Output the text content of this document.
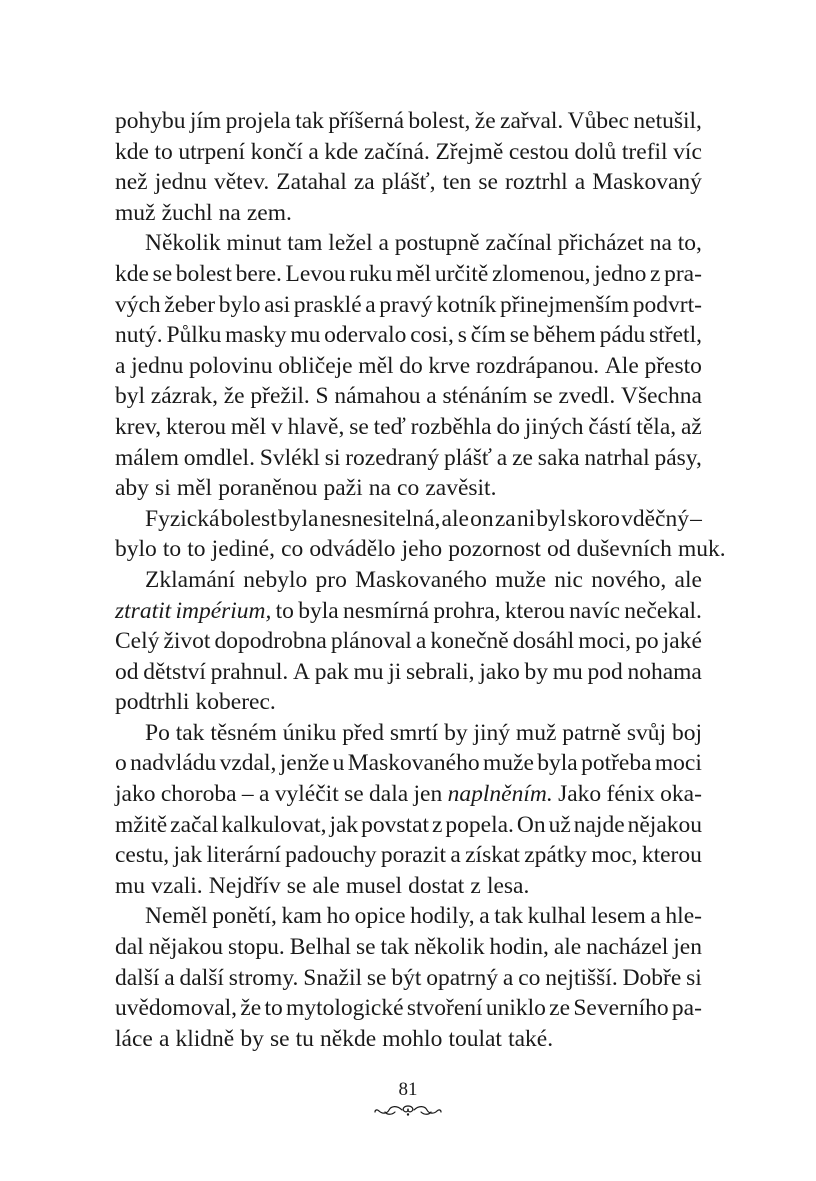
pohybu jím projela tak příšerná bolest, že zařval. Vůbec netušil,
kde to utrpení končí a kde začíná. Zřejmě cestou dolů trefil víc
než jednu větev. Zatahal za plášť, ten se roztrhl a Maskovaný
muž žuchl na zem.
Několik minut tam ležel a postupně začínal přicházet na to,
kde se bolest bere. Levou ruku měl určitě zlomenou, jedno z pra-
vých žeber bylo asi prasklé a pravý kotník přinejmenším podvrt-
nutý. Půlku masky mu odervalo cosi, s čím se během pádu střetl,
a jednu polovinu obličeje měl do krve rozdrápanou. Ale přesto
byl zázrak, že přežil. S námahou a sténáním se zvedl. Všechna
krev, kterou měl v hlavě, se teď rozběhla do jiných částí těla, až
málem omdlel. Svlékl si rozedraný plášť a ze saka natrhal pásy,
aby si měl poraněnou paži na co zavěsit.
Fyzická bolest byla nesnesitelná, ale on za ni byl skoro vděčný –
bylo to to jediné, co odvádělo jeho pozornost od duševních muk.
Zklamání nebylo pro Maskovaného muže nic nového, ale
ztratit impérium, to byla nesmírná prohra, kterou navíc nečekal.
Celý život dopodrobna plánoval a konečně dosáhl moci, po jaké
od dětství prahnul. A pak mu ji sebrali, jako by mu pod nohama
podtrhli koberec.
Po tak těsném úniku před smrtí by jiný muž patrně svůj boj
o nadvládu vzdal, jenže u Maskovaného muže byla potřeba moci
jako choroba – a vyléčit se dala jen naplněním. Jako fénix oka-
mžitě začal kalkulovat, jak povstat z popela. On už najde nějakou
cestu, jak literární padouchy porazit a získat zpátky moc, kterou
mu vzali. Nejdřív se ale musel dostat z lesa.
Neměl ponětí, kam ho opice hodily, a tak kulhal lesem a hle-
dal nějakou stopu. Belhal se tak několik hodin, ale nacházel jen
další a další stromy. Snažil se být opatrný a co nejtišší. Dobře si
uvědomoval, že to mytologické stvoření uniklo ze Severního pa-
láce a klidně by se tu někde mohlo toulat také.
81
